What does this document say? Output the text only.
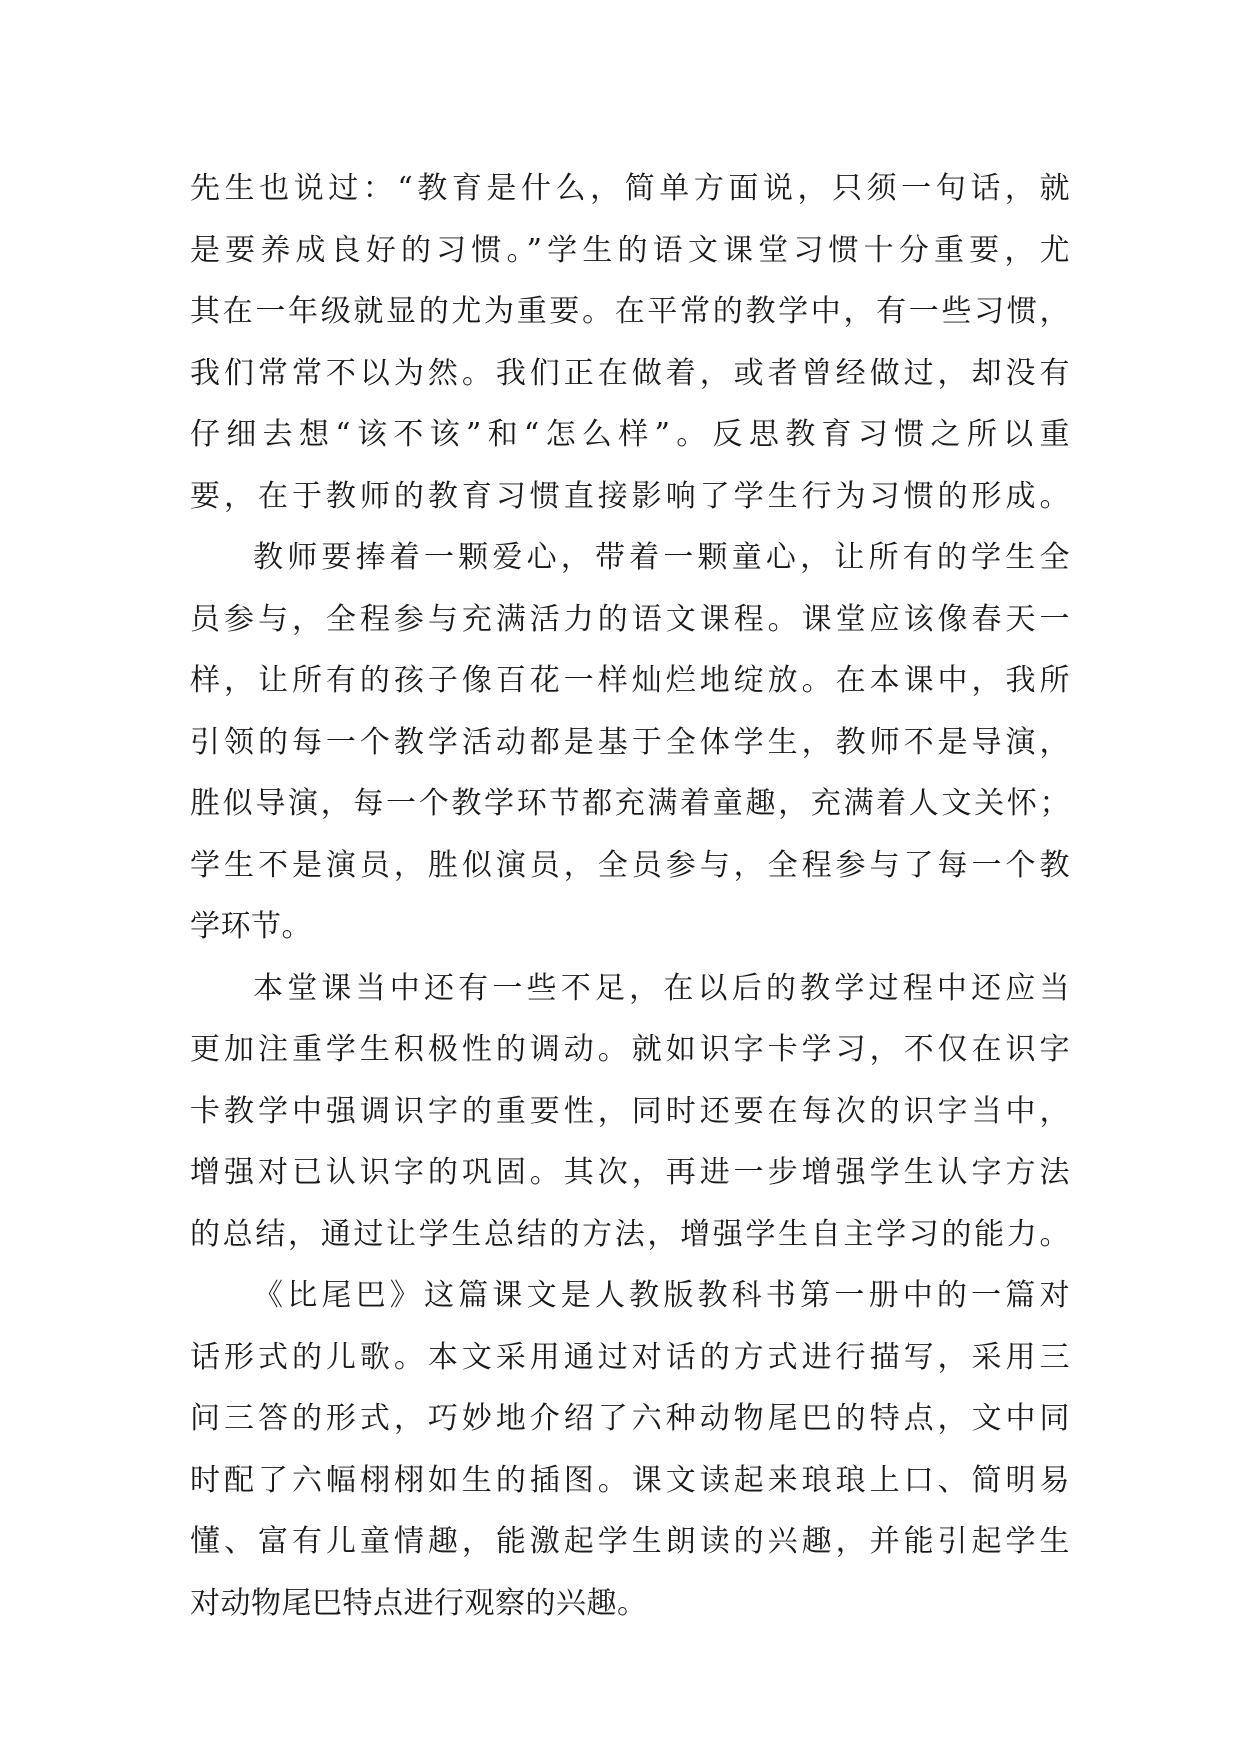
先生也说过：“教育是什么，简单方面说，只须一句话，就
是要养成良好的习惯。”学生的语文课堂习惯十分重要，尤
其在一年级就显的尤为重要。在平常的教学中，有一些习惯，
我们常常不以为然。我们正在做着，或者曾经做过，却没有
仔细去想“该不该”和“怎么样”。反思教育习惯之所以重
要，在于教师的教育习惯直接影响了学生行为习惯的形成。
教师要捧着一颗爱心，带着一颗童心，让所有的学生全
员参与，全程参与充满活力的语文课程。课堂应该像春天一
样，让所有的孩子像百花一样灿烂地绽放。在本课中，我所
引领的每一个教学活动都是基于全体学生，教师不是导演，
胜似导演，每一个教学环节都充满着童趣，充满着人文关怀；
学生不是演员，胜似演员，全员参与，全程参与了每一个教
学环节。
本堂课当中还有一些不足，在以后的教学过程中还应当
更加注重学生积极性的调动。就如识字卡学习，不仅在识字
卡教学中强调识字的重要性，同时还要在每次的识字当中，
增强对已认识字的巩固。其次，再进一步增强学生认字方法
的总结，通过让学生总结的方法，增强学生自主学习的能力。
《比尾巴》这篇课文是人教版教科书第一册中的一篇对
话形式的儿歌。本文采用通过对话的方式进行描写，采用三
问三答的形式，巧妙地介绍了六种动物尾巴的特点，文中同
时配了六幅栩栩如生的插图。课文读起来琅琅上口、简明易
懂、富有儿童情趣，能激起学生朗读的兴趣，并能引起学生
对动物尾巴特点进行观察的兴趣。
